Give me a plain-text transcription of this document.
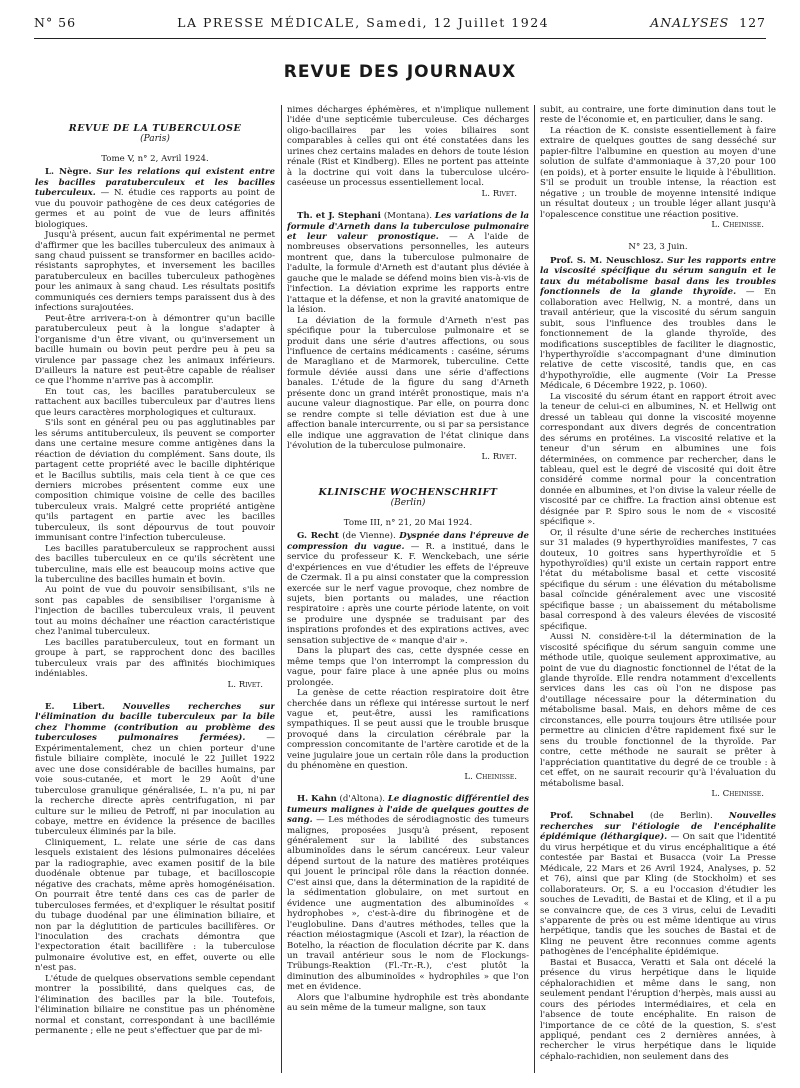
N° 56	LA PRESSE MÉDICALE, Samedi, 12 Juillet 1924	ANALYSES 127
REVUE DES JOURNAUX
REVUE DE LA TUBERCULOSE
(Paris)

Tome V, n° 2, Avril 1924.

L. Nègre. Sur les relations qui existent entre les bacilles paratuberculeux et les bacilles tuberculeux. — N. étudie ces rapports au point de vue du pouvoir pathogène de ces deux catégories de germes et au point de vue de leurs affinités biologiques.

Jusqu'à présent, aucun fait expérimental ne permet d'affirmer que les bacilles tuberculeux des animaux à sang chaud puissent se transformer en bacilles acido-résistants saprophytes, et inversement les bacilles paratuberculeux en bacilles tuberculeux pathogènes pour les animaux à sang chaud. Les résultats positifs communiqués ces derniers temps paraissent dus à des infections surajoutées.

Peut-être arrivera-t-on à démontrer qu'un bacille paratuberculeux peut à la longue s'adapter à l'organisme d'un être vivant, ou qu'inversement un bacille humain ou bovin peut perdre peu à peu sa virulence par passage chez les animaux inférieurs. D'ailleurs la nature est peut-être capable de réaliser ce que l'homme n'arrive pas à accomplir.

En tout cas, les bacilles paratuberculeux se rattachent aux bacilles tuberculeux par d'autres liens que leurs caractères morphologiques et culturaux.

S'ils sont en général peu ou pas agglutinables par les sérums antituberculeux, ils peuvent se comporter dans une certaine mesure comme antigènes dans la réaction de déviation du complément. Sans doute, ils partagent cette propriété avec le bacille diphtérique et le Bacillus subtilis, mais cela tient à ce que ces derniers microbes présentent comme eux une composition chimique voisine de celle des bacilles tuberculeux vrais. Malgré cette propriété antigène qu'ils partagent en partie avec les bacilles tuberculeux, ils sont dépourvus de tout pouvoir immunisant contre l'infection tuberculeuse.

Les bacilles paratuberculeux se rapprochent aussi des bacilles tuberculeux en ce qu'ils sécrètent une tuberculine, mais elle est beaucoup moins active que la tuberculine des bacilles humain et bovin.

Au point de vue du pouvoir sensibilisant, s'ils ne sont pas capables de sensibiliser l'organisme à l'injection de bacilles tuberculeux vrais, il peuvent tout au moins déchaîner une réaction caractéristique chez l'animal tuberculeux.

Les bacilles paratuberculeux, tout en formant un groupe à part, se rapprochent donc des bacilles tuberculeux vrais par des affinités biochimiques indéniables.

L. Rivet.

E. Libert. Nouvelles recherches sur l'élimination du bacille tuberculeux par la bile chez l'homme (contribution au problème des tuberculoses pulmonaires fermées). — Expérimentalement, chez un chien porteur d'une fistule biliaire complète, inoculé le 22 Juillet 1922 avec une dose considérable de bacilles humains, par voie sous-cutanée, et mort le 29 Août d'une tuberculose granulique généralisée, L. n'a pu, ni par la recherche directe après centrifugation, ni par culture sur le milieu de Petroff, ni par inoculation au cobaye, mettre en évidence la présence de bacilles tuberculeux éliminés par la bile.

Cliniquement, L. relate une série de cas dans lesquels existaient des lésions pulmonaires décelées par la radiographie, avec examen positif de la bile duodénale obtenue par tubage, et bacilloscopie négative des crachats, même après homogénéisation. On pourrait être tenté dans ces cas de parler de tuberculoses fermées, et d'expliquer le résultat positif du tubage duodénal par une élimination biliaire, et non par la déglutition de particules bacillifères. Or l'inoculation des crachats démontra que l'expectoration était bacillifère : la tuberculose pulmonaire évolutive est, en effet, ouverte ou elle n'est pas.

L'étude de quelques observations semble cependant montrer la possibilité, dans quelques cas, de l'élimination des bacilles par la bile. Toutefois, l'élimination biliaire ne constitue pas un phénomène normal et constant, correspondant à une bacillémie permanente ; elle ne peut s'effectuer que par de mi-

nimes décharges éphémères, et n'implique nullement l'idée d'une septicémie tuberculeuse. Ces décharges oligo-bacillaires par les voies biliaires sont comparables à celles qui ont été constatées dans les urines chez certains malades en dehors de toute lésion rénale (Rist et Kindberg). Elles ne portent pas atteinte à la doctrine qui voit dans la tuberculose ulcéro-caséeuse un processus essentiellement local.

L. Rivet.

Th. et J. Stephani (Montana). Les variations de la formule d'Arneth dans la tuberculose pulmonaire et leur valeur pronostique. — A l'aide de nombreuses observations personnelles, les auteurs montrent que, dans la tuberculose pulmonaire de l'adulte, la formule d'Arneth est d'autant plus déviée à gauche que le malade se défend moins bien vis-à-vis de l'infection. La déviation exprime les rapports entre l'attaque et la défense, et non la gravité anatomique de la lésion.

La déviation de la formule d'Arneth n'est pas spécifique pour la tuberculose pulmonaire et se produit dans une série d'autres affections, ou sous l'influence de certains médicaments : caséine, sérums de Maragliano et de Marmorek, tuberculine. Cette formule déviée aussi dans une série d'affections banales. L'étude de la figure du sang d'Arneth présente donc un grand intérêt pronostique, mais n'a aucune valeur diagnostique. Par elle, on pourra donc se rendre compte si telle déviation est due à une affection banale intercurrente, ou si par sa persistance elle indique une aggravation de l'état clinique dans l'évolution de la tuberculose pulmonaire.

L. Rivet.

KLINISCHE WOCHENSCHRIFT
(Berlin)

Tome III, n° 21, 20 Mai 1924.

G. Recht (de Vienne). Dyspnée dans l'épreuve de compression du vague. — R. a institué, dans le service du professeur K. F. Wenckebach, une série d'expériences en vue d'étudier les effets de l'épreuve de Czermak. Il a pu ainsi constater que la compression exercée sur le nerf vague provoque, chez nombre de sujets, bien portants ou malades, une réaction respiratoire : après une courte période latente, on voit se produire une dyspnée se traduisant par des inspirations profondes et des expirations actives, avec sensation subjective de « manque d'air ».

Dans la plupart des cas, cette dyspnée cesse en même temps que l'on interrompt la compression du vague, pour faire place à une apnée plus ou moins prolongée.

La genèse de cette réaction respiratoire doit être cherchée dans un réflexe qui intéresse surtout le nerf vague et, peut-être, aussi les ramifications sympathiques. Il se peut aussi que le trouble brusque provoqué dans la circulation cérébrale par la compression concomitante de l'artère carotide et de la veine jugulaire joue un certain rôle dans la production du phénomène en question.

L. Cheinisse.

H. Kahn (d'Altona). Le diagnostic différentiel des tumeurs malignes à l'aide de quelques gouttes de sang. — Les méthodes de sérodiagnostic des tumeurs malignes, proposées jusqu'à présent, reposent généralement sur la labilité des substances albuminoïdes dans le sérum cancéreux. Leur valeur dépend surtout de la nature des matières protéiques qui jouent le principal rôle dans la réaction donnée. C'est ainsi que, dans la détermination de la rapidité de la sédimentation globulaire, on met surtout en évidence une augmentation des albuminoïdes « hydrophobes », c'est-à-dire du fibrinogène et de l'euglobuline. Dans d'autres méthodes, telles que la réaction méiostagmique (Ascoli et Izar), la réaction de Botelho, la réaction de floculation décrite par K. dans un travail antérieur sous le nom de Flockungs-Trübungs-Reaktion (Fl.-Tr.-R.), c'est plutôt la diminution des albuminoïdes « hydrophiles » que l'on met en évidence.

Alors que l'albumine hydrophile est très abondante au sein même de la tumeur maligne, son taux

subit, au contraire, une forte diminution dans tout le reste de l'économie et, en particulier, dans le sang.

La réaction de K. consiste essentiellement à faire extraire de quelques gouttes de sang desséché sur papier-filtre l'albumine en question au moyen d'une solution de sulfate d'ammoniaque à 37,20 pour 100 (en poids), et à porter ensuite le liquide à l'ébullition. S'il se produit un trouble intense, la réaction est négative ; un trouble de moyenne intensité indique un résultat douteux ; un trouble léger allant jusqu'à l'opalescence constitue une réaction positive.

L. Cheinisse.

N° 23, 3 Juin.

Prof. S. M. Neuschlosz. Sur les rapports entre la viscosité spécifique du sérum sanguin et le taux du métabolisme basal dans les troubles fonctionnels de la glande thyroïde. — En collaboration avec Hellwig, N. a montré, dans un travail antérieur, que la viscosité du sérum sanguin subit, sous l'influence des troubles dans le fonctionnement de la glande thyroïde, des modifications susceptibles de faciliter le diagnostic, l'hyperthyroïdie s'accompagnant d'une diminution relative de cette viscosité, tandis que, en cas d'hypothyroïdie, elle augmente (Voir La Presse Médicale, 6 Décembre 1922, p. 1060).

La viscosité du sérum étant en rapport étroit avec la teneur de celui-ci en albumines, N. et Hellwig ont dressé un tableau qui donne la viscosité moyenne correspondant aux divers degrés de concentration des sérums en protéines. La viscosité relative et la teneur d'un sérum en albumines une fois déterminées, on commence par rechercher, dans le tableau, quel est le degré de viscosité qui doit être considéré comme normal pour la concentration donnée en albumines, et l'on divise la valeur réelle de viscosité par ce chiffre. La fraction ainsi obtenue est désignée par P. Spiro sous le nom de « viscosité spécifique ».

Or, il résulte d'une série de recherches instituées sur 31 malades (9 hyperthyroïdies manifestes, 7 cas douteux, 10 goitres sans hyperthyroïdie et 5 hypothyroïdies) qu'il existe un certain rapport entre l'état du métabolisme basal et cette viscosité spécifique du sérum : une élévation du métabolisme basal coïncide généralement avec une viscosité spécifique basse ; un abaissement du métabolisme basal correspond à des valeurs élevées de viscosité spécifique.

Aussi N. considère-t-il la détermination de la viscosité spécifique du sérum sanguin comme une méthode utile, quoique seulement approximative, au point de vue du diagnostic fonctionnel de l'état de la glande thyroïde. Elle rendra notamment d'excellents services dans les cas où l'on ne dispose pas d'outillage nécessaire pour la détermination du métabolisme basal. Mais, en dehors même de ces circonstances, elle pourra toujours être utilisée pour permettre au clinicien d'être rapidement fixé sur le sens du trouble fonctionnel de la thyroïde. Par contre, cette méthode ne saurait se prêter à l'appréciation quantitative du degré de ce trouble : à cet effet, on ne saurait recourir qu'à l'évaluation du métabolisme basal.

L. Cheinisse.

Prof. Schnabel (de Berlin). Nouvelles recherches sur l'étiologie de l'encéphalite épidémique (léthargique). — On sait que l'identité du virus herpétique et du virus encéphalitique a été contestée par Bastai et Busacca (voir La Presse Médicale, 22 Mars et 26 Avril 1924, Analyses, p. 52 et 76), ainsi que par Kling (de Stockholm) et ses collaborateurs. Or, S. a eu l'occasion d'étudier les souches de Levaditi, de Bastai et de Kling, et il a pu se convaincre que, de ces 3 virus, celui de Levaditi s'apparente de près ou est même identique au virus herpétique, tandis que les souches de Bastai et de Kling ne peuvent être reconnues comme agents pathogènes de l'encéphalite épidémique.

Bastai et Busacca, Veratti et Sala ont décelé la présence du virus herpétique dans le liquide céphalorachidien et même dans le sang, non seulement pendant l'éruption d'herpès, mais aussi au cours des périodes intermédiaires, et cela en l'absence de toute encéphalite. En raison de l'importance de ce côté de la question, S. s'est appliqué, pendant ces 2 dernières années, à rechercher le virus herpétique dans le liquide céphalo-rachidien, non seulement dans des
